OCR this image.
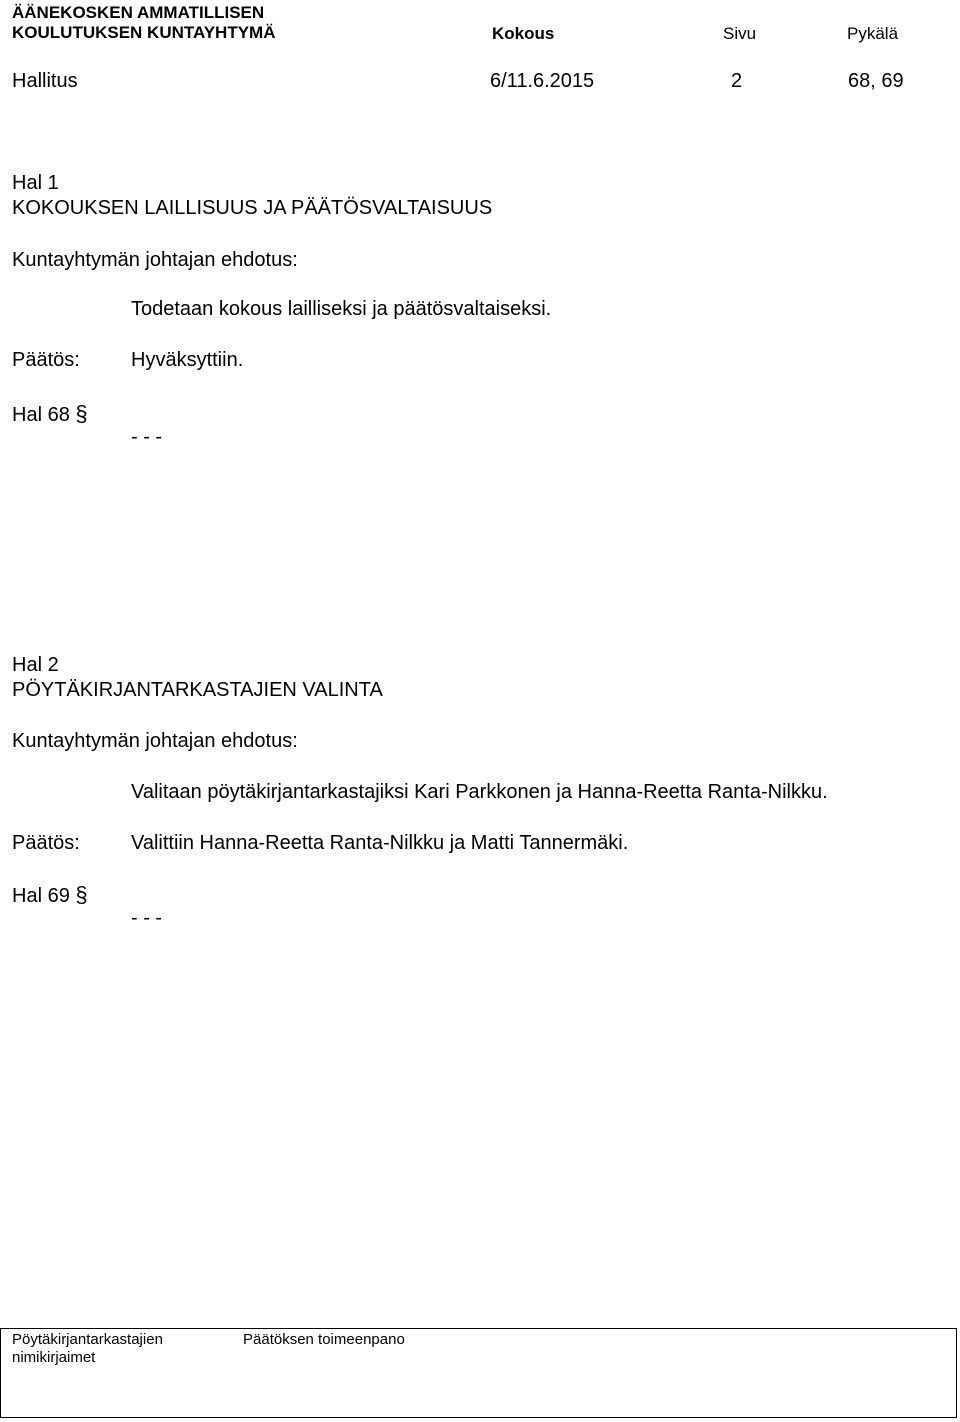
ÄÄNEKOSKEN AMMATILLISEN
KOULUTUKSEN KUNTAYHTYMÄ	Kokous	Sivu	Pykälä
Hallitus	6/11.6.2015	2	68, 69
Hal 1
KOKOUKSEN LAILLISUUS JA PÄÄTÖSVALTAISUUS
Kuntayhtymän johtajan ehdotus:
Todetaan kokous lailliseksi ja päätösvaltaiseksi.
Päätös:	Hyväksyttiin.
Hal 68 §
- - -
Hal 2
PÖYTÄKIRJANTARKASTAJIEN VALINTA
Kuntayhtymän johtajan ehdotus:
Valitaan pöytäkirjantarkastajiksi Kari Parkkonen ja Hanna-Reetta Ranta-Nilkku.
Päätös:	Valittiin Hanna-Reetta Ranta-Nilkku ja Matti Tannermäki.
Hal 69 §
- - -
Pöytäkirjantarkastajien
nimikirjaimet
Päätöksen toimeenpano
